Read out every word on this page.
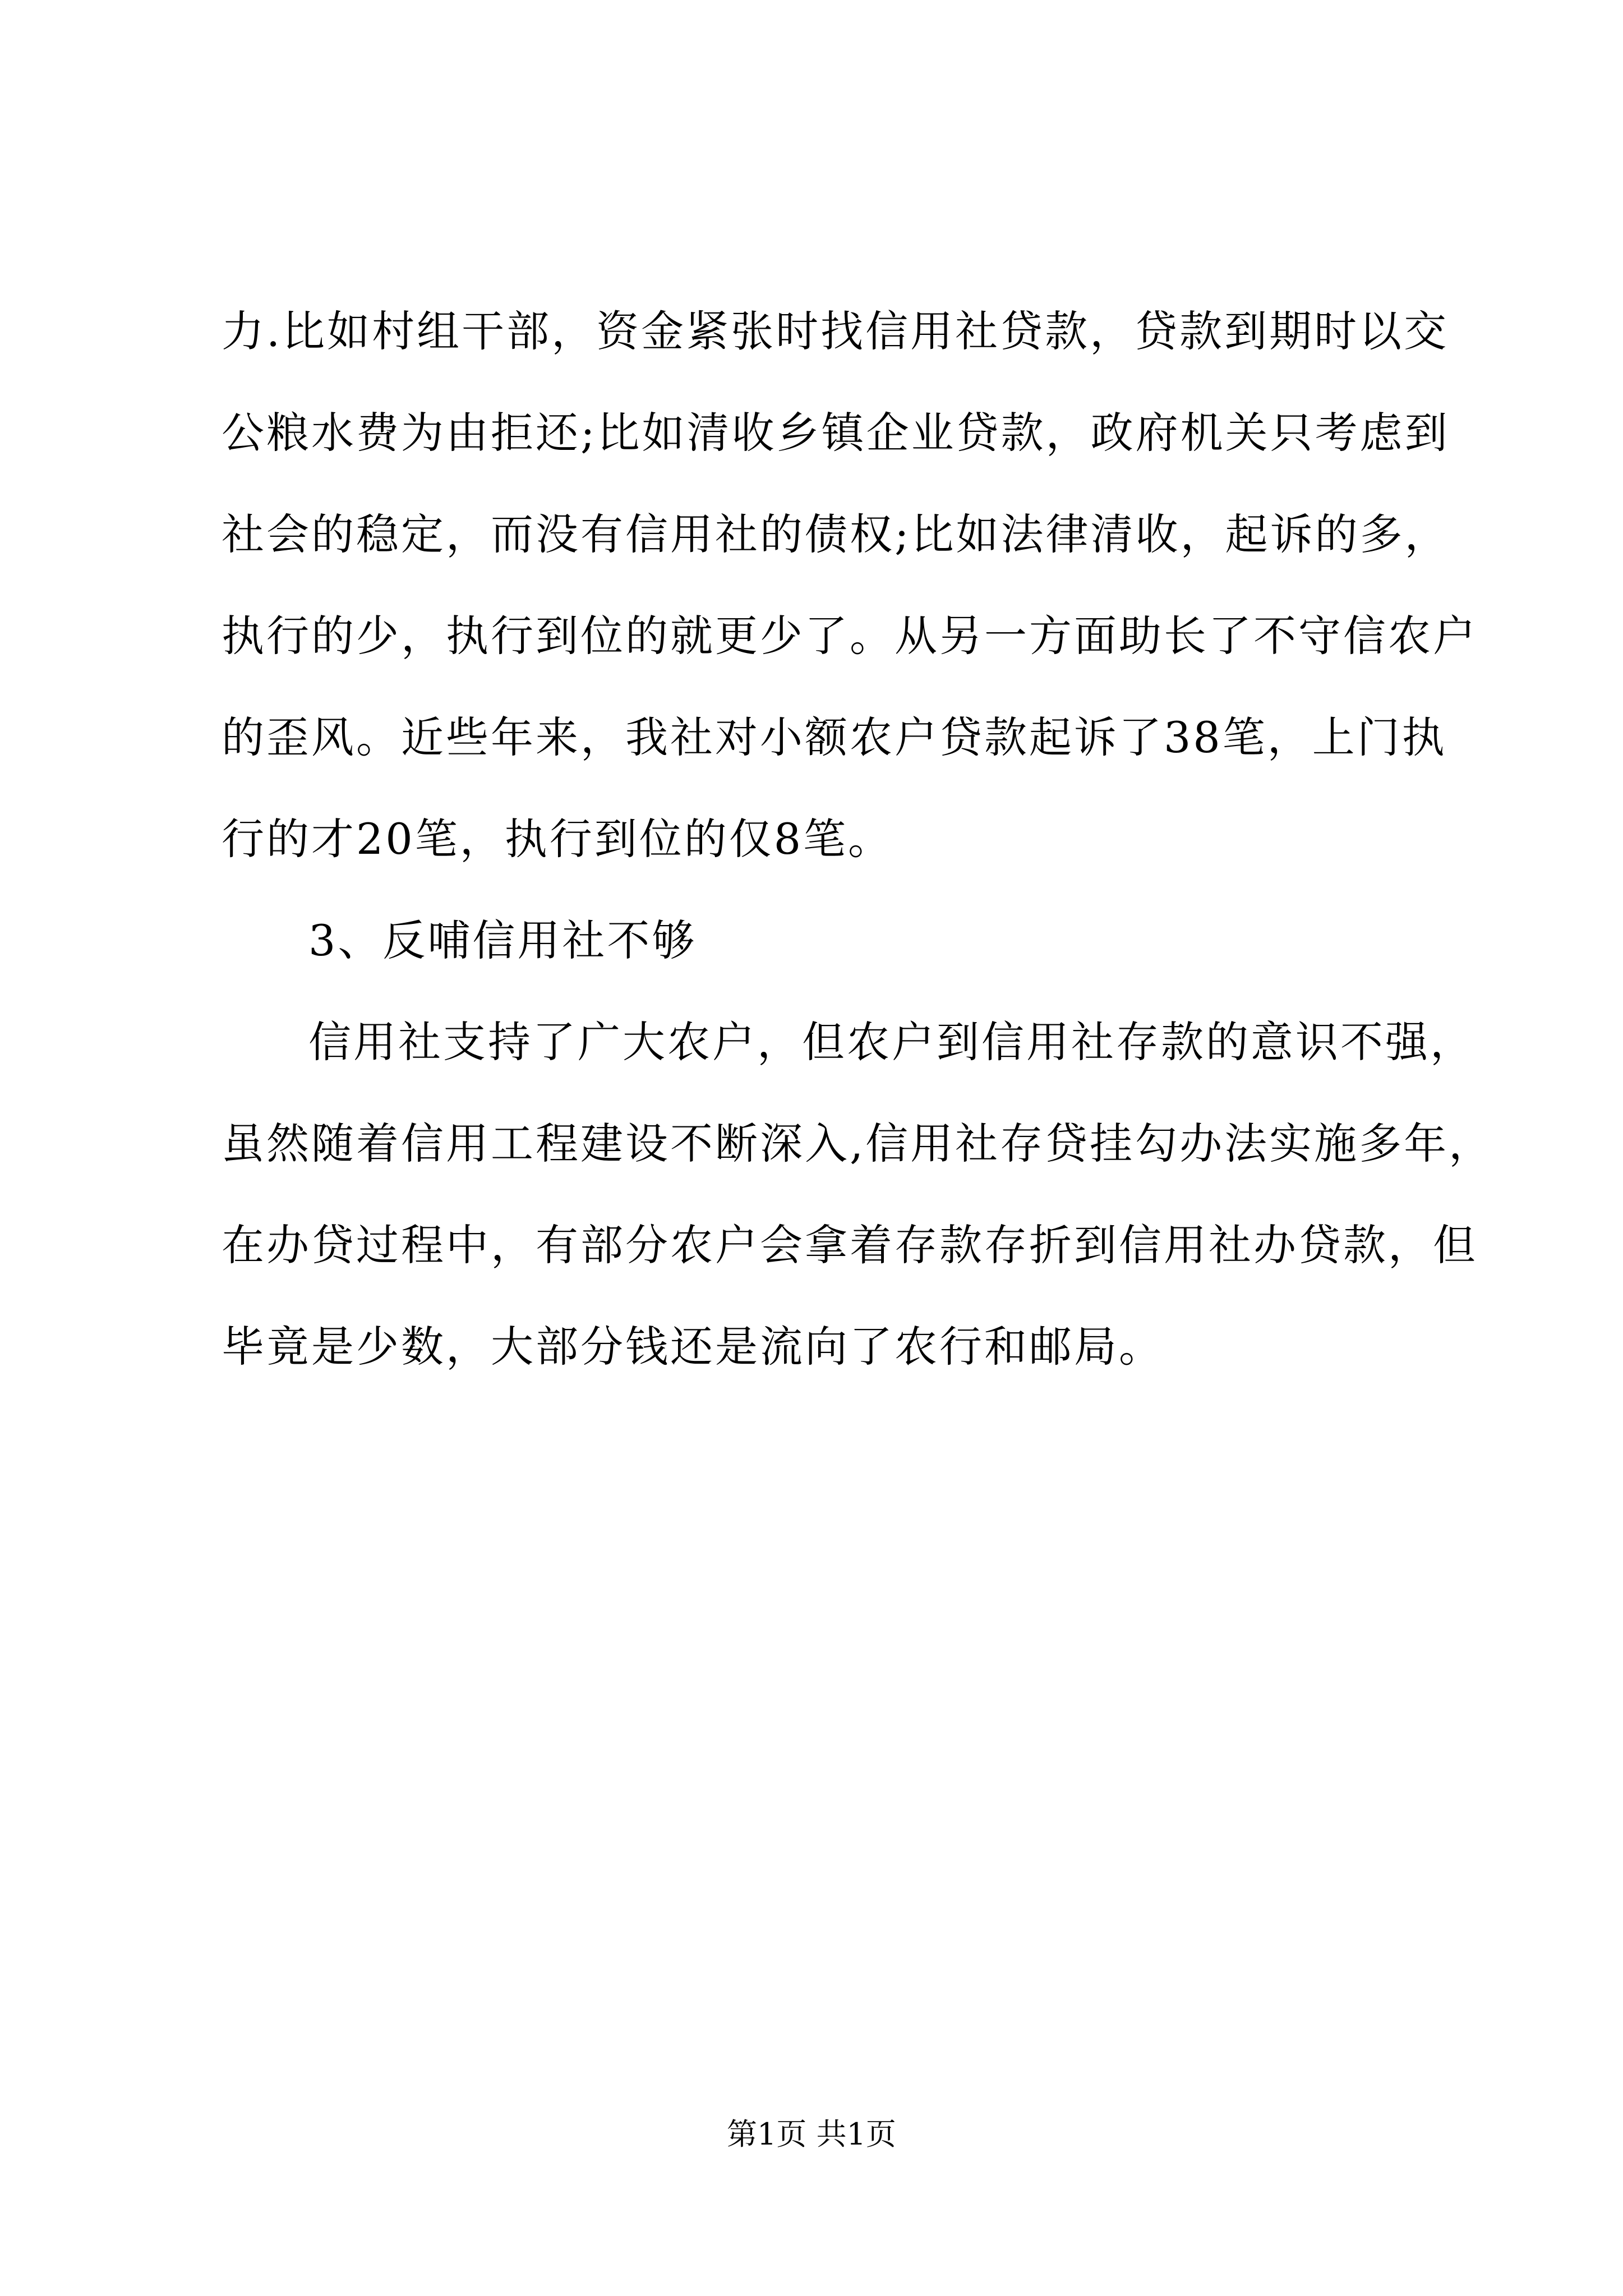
力.比如村组干部，资金紧张时找信用社贷款，贷款到期时以交
公粮水费为由拒还;比如清收乡镇企业贷款，政府机关只考虑到
社会的稳定，而没有信用社的债权;比如法律清收，起诉的多，
执行的少，执行到位的就更少了。从另一方面助长了不守信农户
的歪风。近些年来，我社对小额农户贷款起诉了38笔，上门执
行的才20笔，执行到位的仅8笔。
3、反哺信用社不够
信用社支持了广大农户，但农户到信用社存款的意识不强，
虽然随着信用工程建设不断深入,信用社存贷挂勾办法实施多年，
在办贷过程中，有部分农户会拿着存款存折到信用社办贷款，但
毕竟是少数，大部分钱还是流向了农行和邮局。
第1页 共1页
